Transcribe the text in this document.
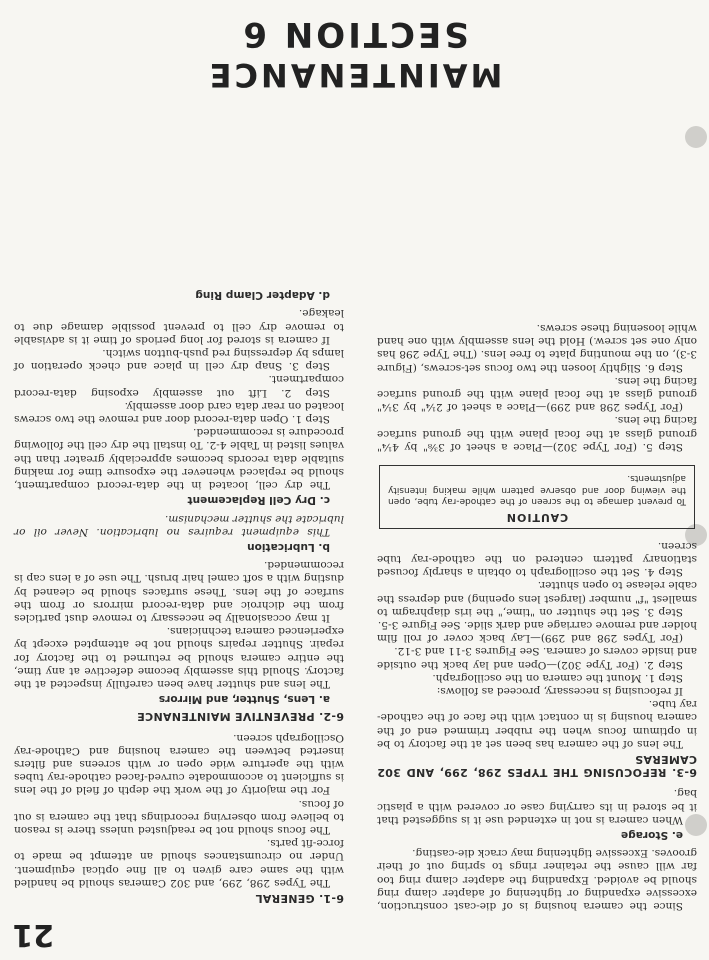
21
SECTION 6
MAINTENANCE

Since the camera housing is of die-cast construction, excessive expanding or tightening of adapter clamp ring should be avoided. Expanding the adapter clamp ring too far will cause the retainer rings to spring out of their grooves. Excessive tightening may crack die-casting.

e. Storage

When camera is not in extended use it is suggested that it be stored in its carrying case or covered with a plastic bag.

6-3. REFOCUSING THE TYPES 298, 299, AND 302 CAMERAS

The lens of the camera has been set at the factory to be in optimum focus when the rubber trimmed end of the camera housing is in contact with the face of the cathode-ray tube.

If refocusing is necessary, proceed as follows:

Step 1. Mount the camera on the oscillograph.

Step 2. (For Type 302)—Open and lay back the outside and inside covers of camera. See Figures 3-11 and 3-12.

(For Types 298 and 299)—Lay back cover of roll film holder and remove carriage and dark slide. See Figure 3-5.

Step 3. Set the shutter on "time," the iris diaphragm to smallest "f" number (largest lens opening) and depress the cable release to open shutter.

Step 4. Set the oscillograph to obtain a sharply focused stationary pattern centered on the cathode-ray tube screen.

CAUTION
To prevent damage to the screen of the cathode-ray tube, open the viewing door and observe pattern while making intensity adjustments.

Step 5. (For Type 302)—Place a sheet of 3⅜" by 4¼" ground glass at the focal plane with the ground surface facing the lens.

(For Types 298 and 299)—Place a sheet of 2¼" by 3¼" ground glass at the focal plane with the ground surface facing the lens.

Step 6. Slightly loosen the two focus set-screws, (Figure 3-3), on the mounting plate to free lens. (The Type 298 has only one set screw.) Hold the lens assembly with one hand while loosening these screws.

6-1. GENERAL

The Types 298, 299, and 302 Cameras should be handled with the same care given to all fine optical equipment. Under no circumstances should an attempt be made to force-fit parts.

The focus should not be readjusted unless there is reason to believe from observing recordings that the camera is out of focus.

For the majority of the work the depth of field of the lens is sufficient to accommodate curved-faced cathode-ray tubes with the aperture wide open or with screens and filters inserted between the camera housing and Cathode-ray Oscillograph screen.

6-2. PREVENTIVE MAINTENANCE
a. Lens, Shutter, and Mirrors

The lens and shutter have been carefully inspected at the factory. Should this assembly become defective at any time, the entire camera should be returned to the factory for repair. Shutter repairs should not be attempted except by experienced camera technicians.

It may occasionally be necessary to remove dust particles from the dichroic and data-record mirrors or from the surface of the lens. These surfaces should be cleaned by dusting with a soft camel hair brush. The use of a lens cap is recommended.

b. Lubrication

This equipment requires no lubrication. Never oil or lubricate the shutter mechanism.

c. Dry Cell Replacement

The dry cell, located in the data-record compartment, should be replaced whenever the exposure time for making suitable data records becomes appreciably greater than the values listed in Table 4-2. To install the dry cell the following procedure is recommended.

Step 1. Open data-record door and remove the two screws located on rear data card door assembly.

Step 2. Lift out assembly exposing data-record compartment.

Step 3. Snap dry cell in place and check operation of lamps by depressing red push-button switch.

If camera is stored for long periods of time it is advisable to remove dry cell to prevent possible damage due to leakage.

d. Adapter Clamp Ring
